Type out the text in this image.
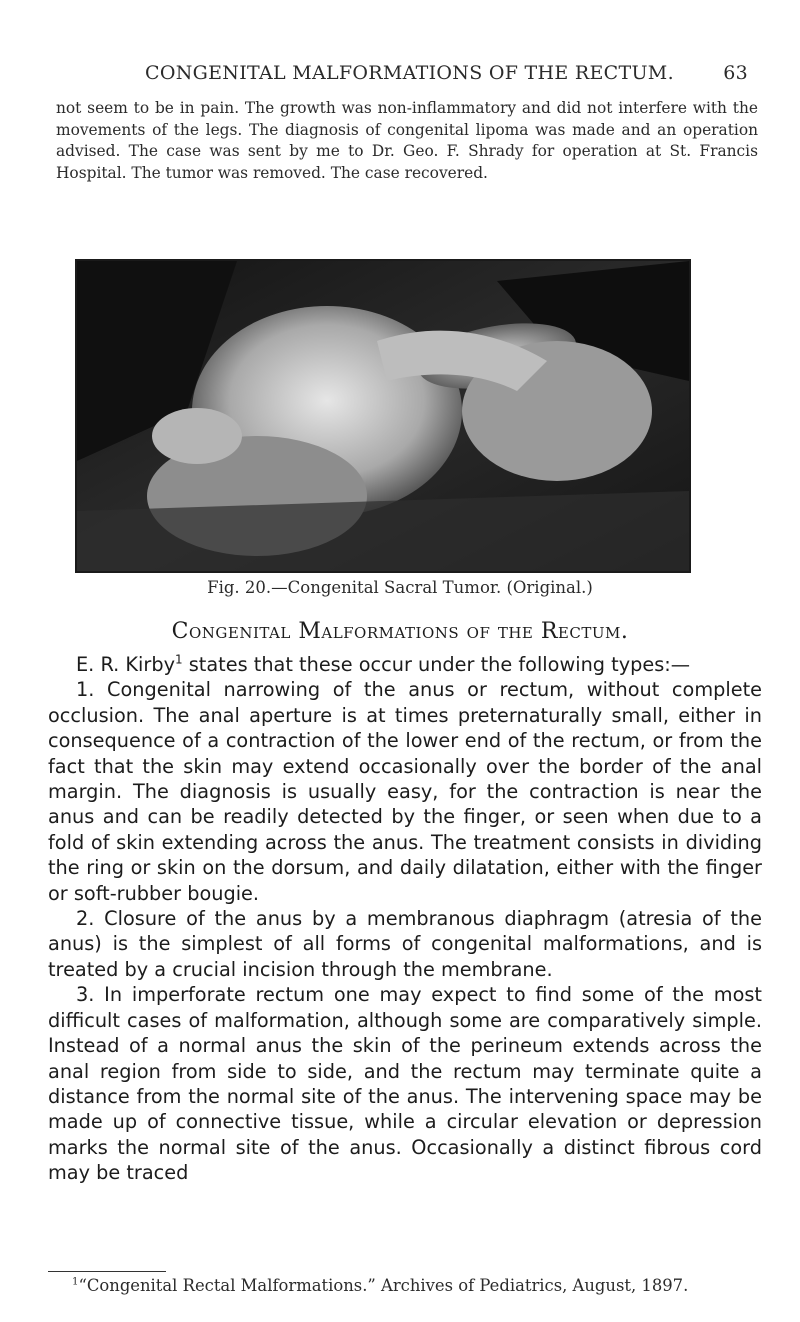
CONGENITAL MALFORMATIONS OF THE RECTUM.	63
not seem to be in pain. The growth was non-inflammatory and did not interfere with the movements of the legs. The diagnosis of congenital lipoma was made and an operation advised. The case was sent by me to Dr. Geo. F. Shrady for operation at St. Francis Hospital. The tumor was removed. The case recovered.
Fig. 20.—Congenital Sacral Tumor. (Original.)
Congenital Malformations of the Rectum.

E. R. Kirby$^1$ states that these occur under the following types:—

1. Congenital narrowing of the anus or rectum, without complete occlusion. The anal aperture is at times preternaturally small, either in consequence of a contraction of the lower end of the rectum, or from the fact that the skin may extend occasionally over the border of the anal margin. The diagnosis is usually easy, for the contraction is near the anus and can be readily detected by the finger, or seen when due to a fold of skin extending across the anus. The treatment consists in dividing the ring or skin on the dorsum, and daily dilatation, either with the finger or soft-rubber bougie.

2. Closure of the anus by a membranous diaphragm (atresia of the anus) is the simplest of all forms of congenital malformations, and is treated by a crucial incision through the membrane.

3. In imperforate rectum one may expect to find some of the most difficult cases of malformation, although some are comparatively simple. Instead of a normal anus the skin of the perineum extends across the anal region from side to side, and the rectum may terminate quite a distance from the normal site of the anus. The intervening space may be made up of connective tissue, while a circular elevation or depression marks the normal site of the anus. Occasionally a distinct fibrous cord may be traced

$^1$“Congenital Rectal Malformations.” Archives of Pediatrics, August, 1897.
